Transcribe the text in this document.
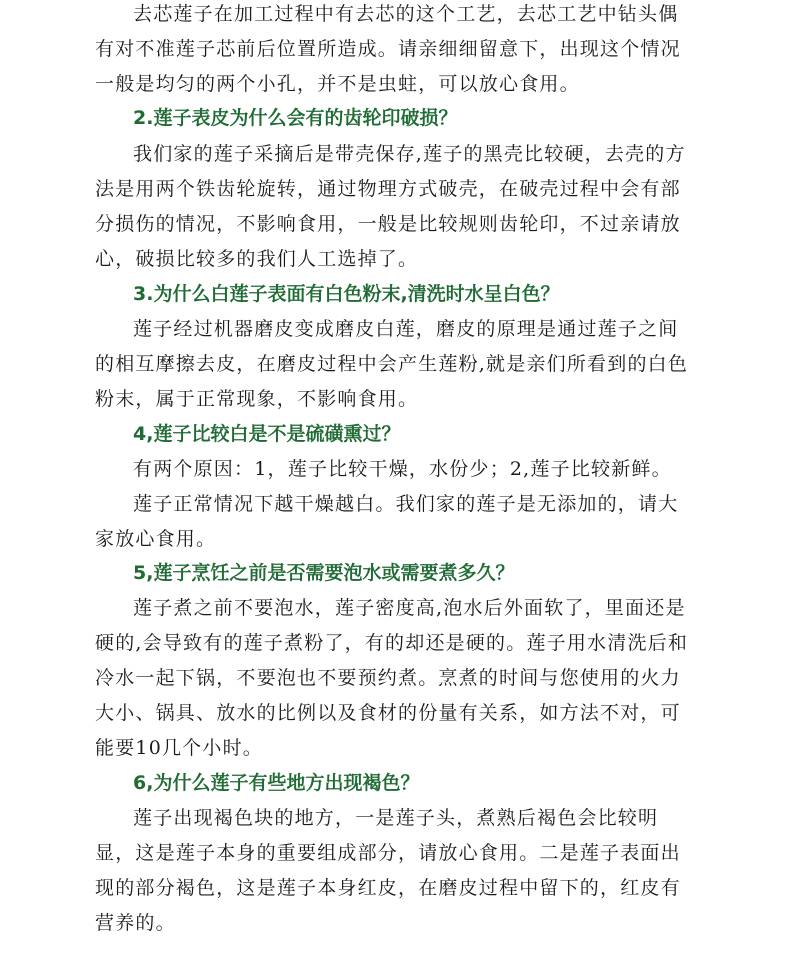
去芯莲子在加工过程中有去芯的这个工艺，去芯工艺中钻头偶
有对不准莲子芯前后位置所造成。请亲细细留意下，出现这个情况
一般是均匀的两个小孔，并不是虫蛀，可以放心食用。
2.莲子表皮为什么会有的齿轮印破损？
我们家的莲子采摘后是带壳保存,莲子的黑壳比较硬，去壳的方
法是用两个铁齿轮旋转，通过物理方式破壳，在破壳过程中会有部
分损伤的情况，不影响食用，一般是比较规则齿轮印，不过亲请放
心，破损比较多的我们人工选掉了。
3.为什么白莲子表面有白色粉末,清洗时水呈白色？
莲子经过机器磨皮变成磨皮白莲，磨皮的原理是通过莲子之间
的相互摩擦去皮，在磨皮过程中会产生莲粉,就是亲们所看到的白色
粉末，属于正常现象，不影响食用。
4,莲子比较白是不是硫磺熏过？
有两个原因：1，莲子比较干燥，水份少；2,莲子比较新鲜。
莲子正常情况下越干燥越白。我们家的莲子是无添加的，请大
家放心食用。
5,莲子烹饪之前是否需要泡水或需要煮多久？
莲子煮之前不要泡水，莲子密度高,泡水后外面软了，里面还是
硬的,会导致有的莲子煮粉了，有的却还是硬的。莲子用水清洗后和
冷水一起下锅，不要泡也不要预约煮。烹煮的时间与您使用的火力
大小、锅具、放水的比例以及食材的份量有关系，如方法不对，可
能要10几个小时。
6,为什么莲子有些地方出现褐色？
莲子出现褐色块的地方，一是莲子头，煮熟后褐色会比较明
显，这是莲子本身的重要组成部分，请放心食用。二是莲子表面出
现的部分褐色，这是莲子本身红皮，在磨皮过程中留下的，红皮有
营养的。
